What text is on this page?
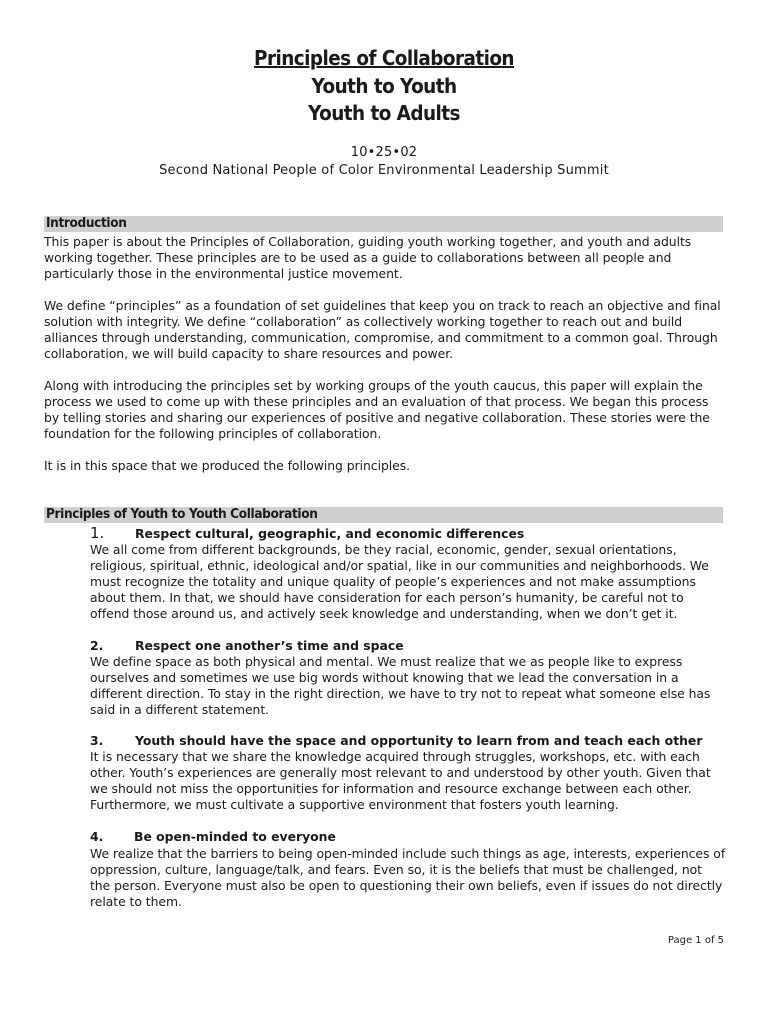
Principles of Collaboration
Youth to Youth
Youth to Adults
10•25•02
Second National People of Color Environmental Leadership Summit
Introduction

This paper is about the Principles of Collaboration, guiding youth working together, and youth and adults working together. These principles are to be used as a guide to collaborations between all people and particularly those in the environmental justice movement.

We define “principles” as a foundation of set guidelines that keep you on track to reach an objective and final solution with integrity. We define “collaboration” as collectively working together to reach out and build alliances through understanding, communication, compromise, and commitment to a common goal. Through collaboration, we will build capacity to share resources and power.

Along with introducing the principles set by working groups of the youth caucus, this paper will explain the process we used to come up with these principles and an evaluation of that process. We began this process by telling stories and sharing our experiences of positive and negative collaboration. These stories were the foundation for the following principles of collaboration.

It is in this space that we produced the following principles.

Principles of Youth to Youth Collaboration
1. Respect cultural, geographic, and economic differences

We all come from different backgrounds, be they racial, economic, gender, sexual orientations, religious, spiritual, ethnic, ideological and/or spatial, like in our communities and neighborhoods. We must recognize the totality and unique quality of people’s experiences and not make assumptions about them. In that, we should have consideration for each person’s humanity, be careful not to offend those around us, and actively seek knowledge and understanding, when we don’t get it.

2.	Respect one another’s time and space

We define space as both physical and mental. We must realize that we as people like to express ourselves and sometimes we use big words without knowing that we lead the conversation in a different direction. To stay in the right direction, we have to try not to repeat what someone else has said in a different statement.

3.	Youth should have the space and opportunity to learn from and teach each other

It is necessary that we share the knowledge acquired through struggles, workshops, etc. with each other. Youth’s experiences are generally most relevant to and understood by other youth. Given that we should not miss the opportunities for information and resource exchange between each other. Furthermore, we must cultivate a supportive environment that fosters youth learning.

4. Be open-minded to everyone

We realize that the barriers to being open-minded include such things as age, interests, experiences of oppression, culture, language/talk, and fears. Even so, it is the beliefs that must be challenged, not the person. Everyone must also be open to questioning their own beliefs, even if issues do not directly relate to them.

Page 1 of 5
